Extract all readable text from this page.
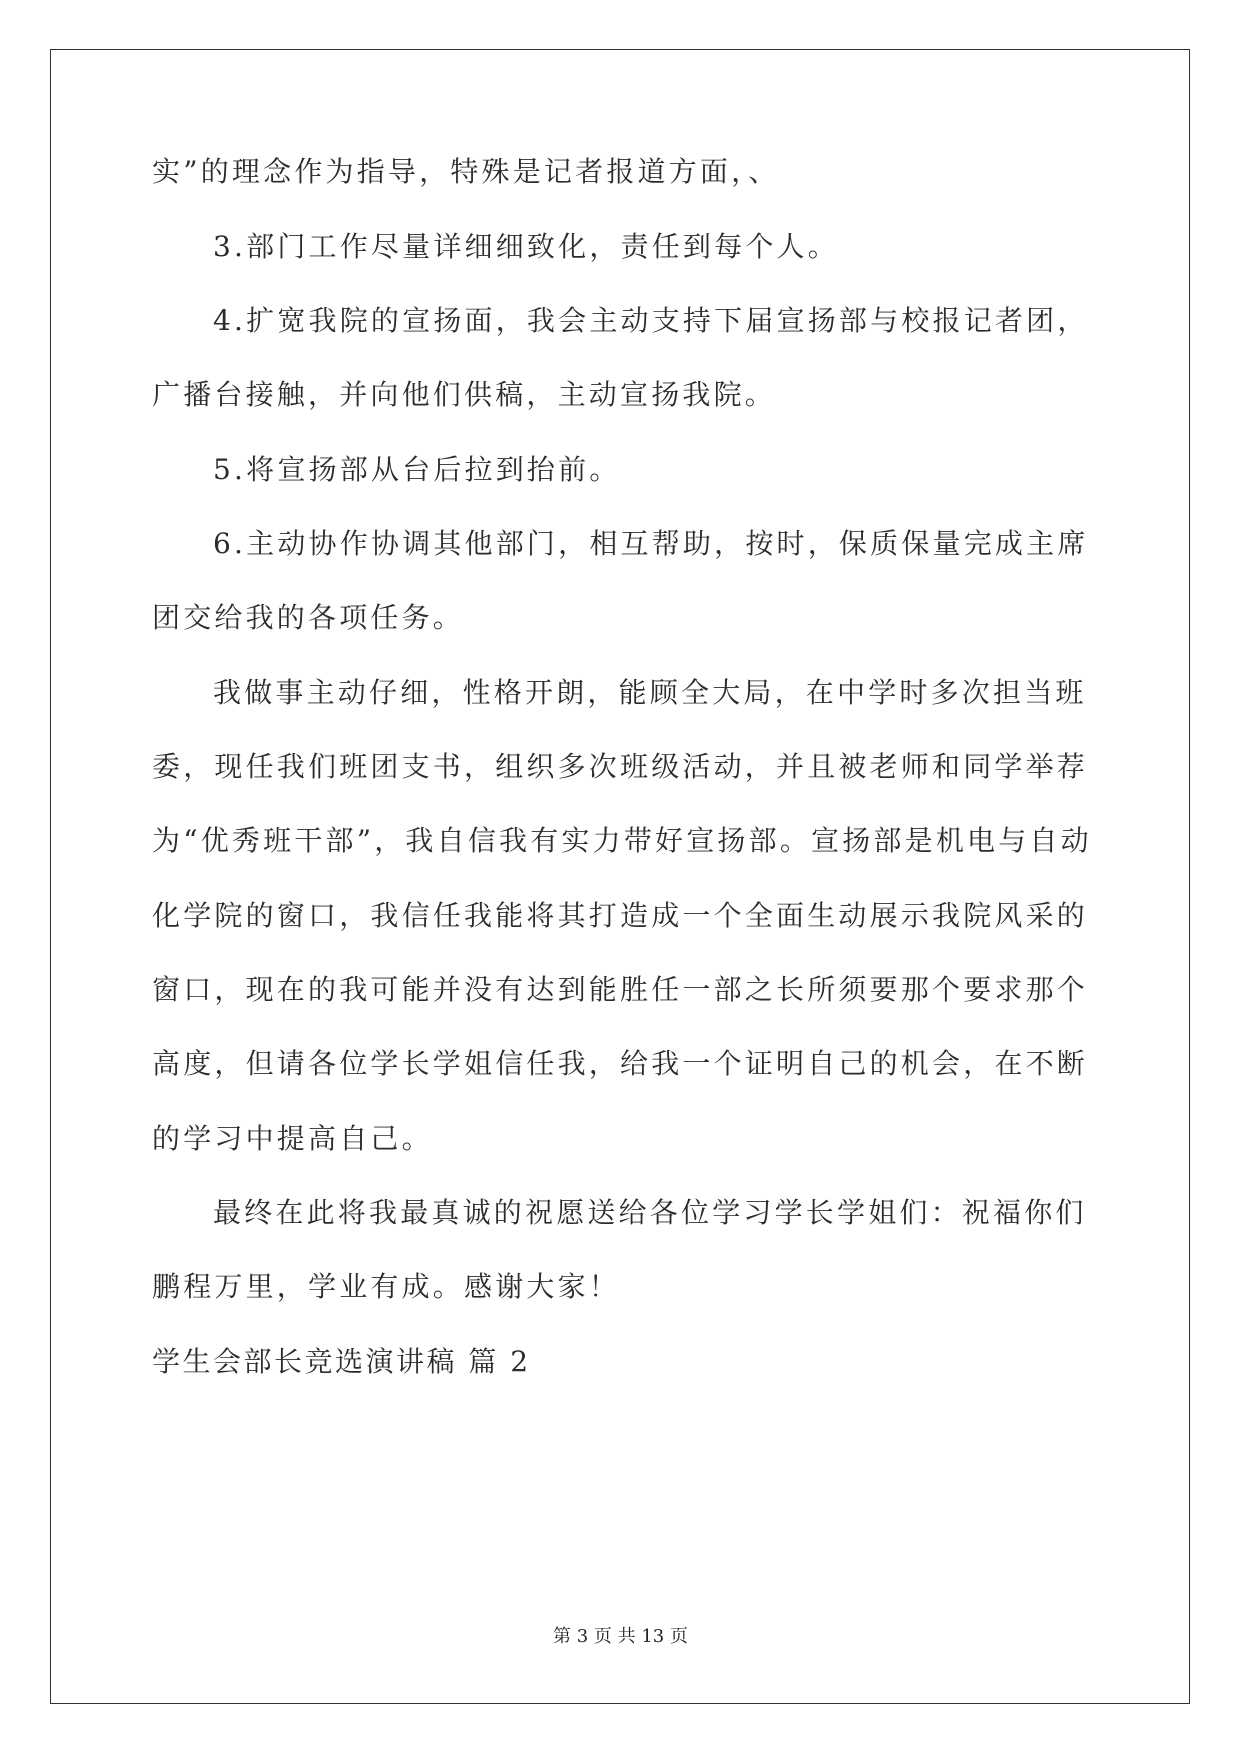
实”的理念作为指导，特殊是记者报道方面，、
3.部门工作尽量详细细致化，责任到每个人。
4.扩宽我院的宣扬面，我会主动支持下届宣扬部与校报记者团，
广播台接触，并向他们供稿，主动宣扬我院。
5.将宣扬部从台后拉到抬前。
6.主动协作协调其他部门，相互帮助，按时，保质保量完成主席
团交给我的各项任务。
我做事主动仔细，性格开朗，能顾全大局，在中学时多次担当班
委，现任我们班团支书，组织多次班级活动，并且被老师和同学举荐
为“优秀班干部”，我自信我有实力带好宣扬部。宣扬部是机电与自动
化学院的窗口，我信任我能将其打造成一个全面生动展示我院风采的
窗口，现在的我可能并没有达到能胜任一部之长所须要那个要求那个
高度，但请各位学长学姐信任我，给我一个证明自己的机会，在不断
的学习中提高自己。
最终在此将我最真诚的祝愿送给各位学习学长学姐们：祝福你们
鹏程万里，学业有成。感谢大家！
学生会部长竞选演讲稿 篇 2
第 3 页 共 13 页
